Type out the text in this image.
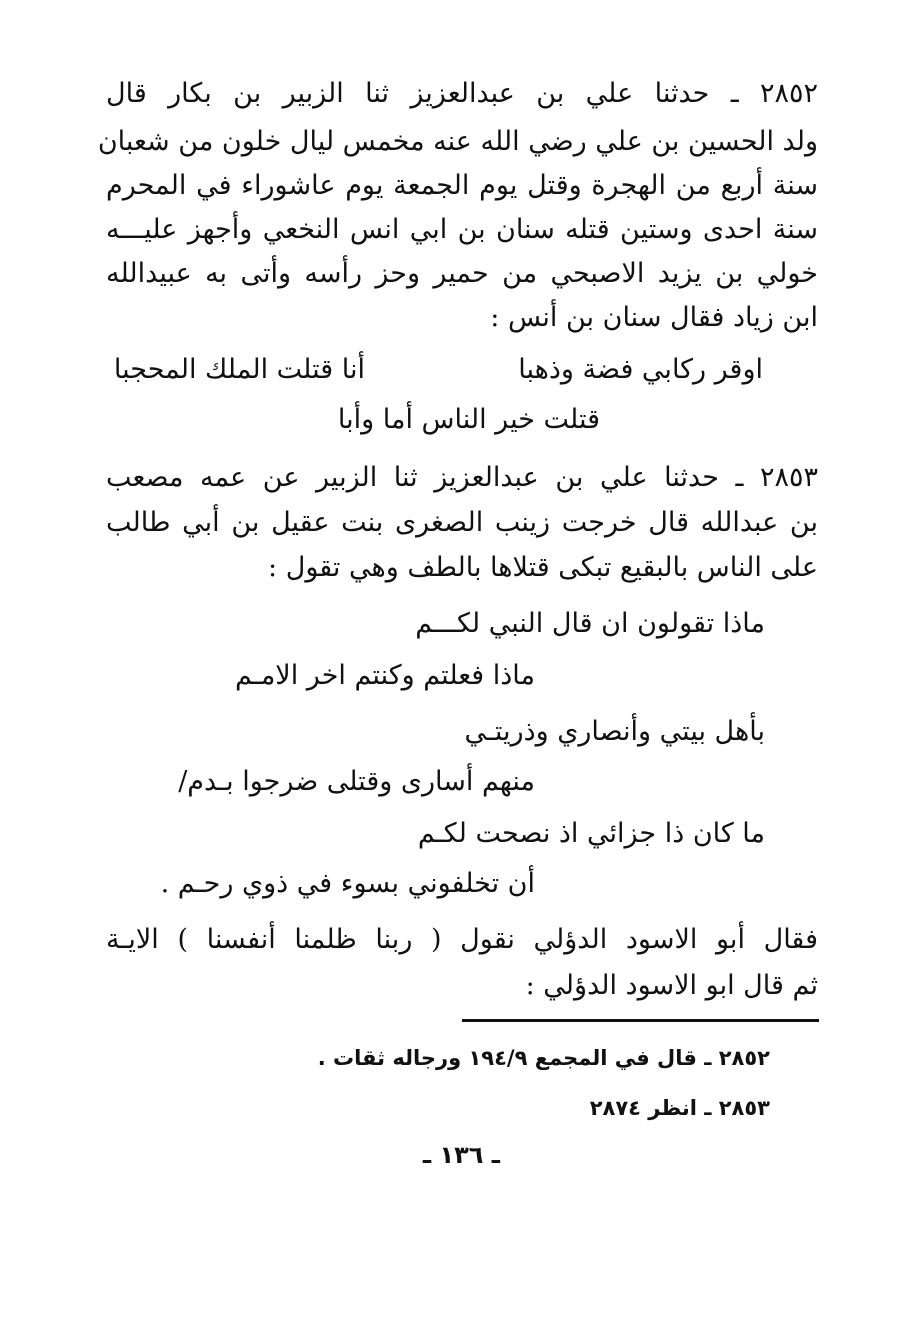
٢٨٥٢ ـ حدثنا علي بن عبدالعزيز ثنا الزبير بن بكار قال
ولد الحسين بن علي رضي الله عنه مخمس ليال خلون من شعبان
سنة أربع من الهجرة وقتل يوم الجمعة يوم عاشوراء في المحرم
سنة احدى وستين قتله سنان بن ابي انس النخعي وأجهز عليـــه
خولي بن يزيد الاصبحي من حمير وحز رأسه وأتى به عبيدالله
ابن زياد فقال سنان بن أنس :
أنا قتلت الملك المحجبا	اوقر ركابي فضة وذهبا
قتلت خير الناس أما وأبا
٢٨٥٣ ـ حدثنا علي بن عبدالعزيز ثنا الزبير عن عمه مصعب
بن عبدالله قال خرجت زينب الصغرى بنت عقيل بن أبي طالب
على الناس بالبقيع تبكى قتلاها بالطف وهي تقول :
ماذا تقولون ان قال النبي لكـــم
ماذا فعلتم وكنتم اخر الامـم
بأهل بيتي وأنصاري وذريتـي
منهم أسارى وقتلى ضرجوا بـدم/
ما كان ذا جزائي اذ نصحت لكـم
أن تخلفوني بسوء في ذوي رحـم .
فقال أبو الاسود الدؤلي نقول ( ربنا ظلمنا أنفسنا ) الايـة
ثم قال ابو الاسود الدؤلي :
٢٨٥٢ ـ قال في المجمع ١٩٤/٩ ورجاله ثقات .
٢٨٥٣ ـ انظر ٢٨٧٤
ـ ١٣٦ ـ
